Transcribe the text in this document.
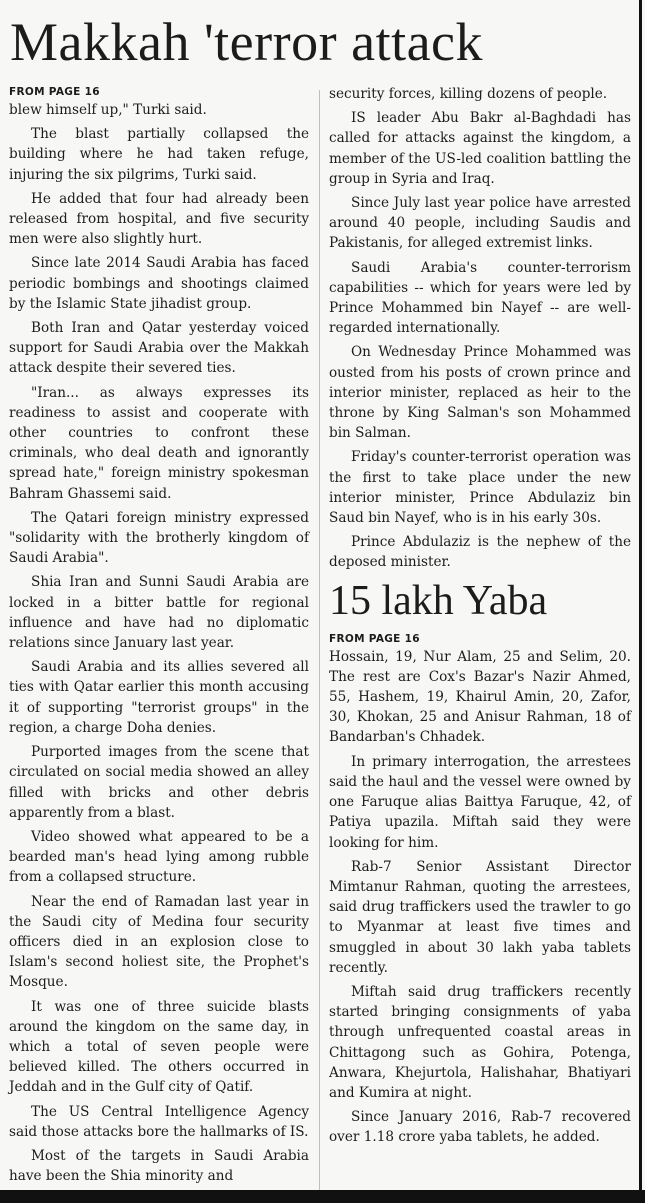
Makkah 'terror attack

FROM PAGE 16

blew himself up," Turki said.

The blast partially collapsed the building where he had taken refuge, injuring the six pilgrims, Turki said.

He added that four had already been released from hospital, and five security men were also slightly hurt.

Since late 2014 Saudi Arabia has faced periodic bombings and shootings claimed by the Islamic State jihadist group.

Both Iran and Qatar yesterday voiced support for Saudi Arabia over the Makkah attack despite their severed ties.

"Iran... as always expresses its readiness to assist and cooperate with other countries to confront these criminals, who deal death and ignorantly spread hate," foreign ministry spokesman Bahram Ghassemi said.

The Qatari foreign ministry expressed "solidarity with the brotherly kingdom of Saudi Arabia".

Shia Iran and Sunni Saudi Arabia are locked in a bitter battle for regional influence and have had no diplomatic relations since January last year.

Saudi Arabia and its allies severed all ties with Qatar earlier this month accusing it of supporting "terrorist groups" in the region, a charge Doha denies.

Purported images from the scene that circulated on social media showed an alley filled with bricks and other debris apparently from a blast.

Video showed what appeared to be a bearded man's head lying among rubble from a collapsed structure.

Near the end of Ramadan last year in the Saudi city of Medina four security officers died in an explosion close to Islam's second holiest site, the Prophet's Mosque.

It was one of three suicide blasts around the kingdom on the same day, in which a total of seven people were believed killed. The others occurred in Jeddah and in the Gulf city of Qatif.

The US Central Intelligence Agency said those attacks bore the hallmarks of IS.

Most of the targets in Saudi Arabia have been the Shia minority and

security forces, killing dozens of people.

IS leader Abu Bakr al-Baghdadi has called for attacks against the kingdom, a member of the US-led coalition battling the group in Syria and Iraq.

Since July last year police have arrested around 40 people, including Saudis and Pakistanis, for alleged extremist links.

Saudi Arabia's counter-terrorism capabilities -- which for years were led by Prince Mohammed bin Nayef -- are well-regarded internationally.

On Wednesday Prince Mohammed was ousted from his posts of crown prince and interior minister, replaced as heir to the throne by King Salman's son Mohammed bin Salman.

Friday's counter-terrorist operation was the first to take place under the new interior minister, Prince Abdulaziz bin Saud bin Nayef, who is in his early 30s.

Prince Abdulaziz is the nephew of the deposed minister.

15 lakh Yaba

FROM PAGE 16

Hossain, 19, Nur Alam, 25 and Selim, 20. The rest are Cox's Bazar's Nazir Ahmed, 55, Hashem, 19, Khairul Amin, 20, Zafor, 30, Khokan, 25 and Anisur Rahman, 18 of Bandarban's Chhadek.

In primary interrogation, the arrestees said the haul and the vessel were owned by one Faruque alias Baittya Faruque, 42, of Patiya upazila. Miftah said they were looking for him.

Rab-7 Senior Assistant Director Mimtanur Rahman, quoting the arrestees, said drug traffickers used the trawler to go to Myanmar at least five times and smuggled in about 30 lakh yaba tablets recently.

Miftah said drug traffickers recently started bringing consignments of yaba through unfrequented coastal areas in Chittagong such as Gohira, Potenga, Anwara, Khejurtola, Halishahar, Bhatiyari and Kumira at night.

Since January 2016, Rab-7 recovered over 1.18 crore yaba tablets, he added.
